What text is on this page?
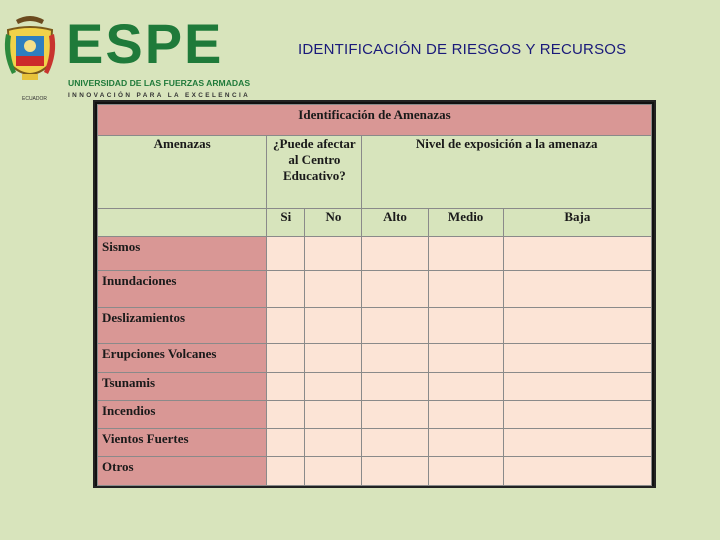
ECUADOR
ESPE
UNIVERSIDAD DE LAS FUERZAS ARMADAS
INNOVACIÓN PARA LA EXCELENCIA
IDENTIFICACIÓN DE RIESGOS Y RECURSOS
Identificación de Amenazas					
Amenazas	¿Puede afectar al Centro Educativo?		Nivel de exposición a la amenaza		
	Si	No	Alto	Medio	Baja
Sismos					
Inundaciones					
Deslizamientos					
Erupciones Volcanes					
Tsunamis					
Incendios					
Vientos Fuertes					
Otros					
